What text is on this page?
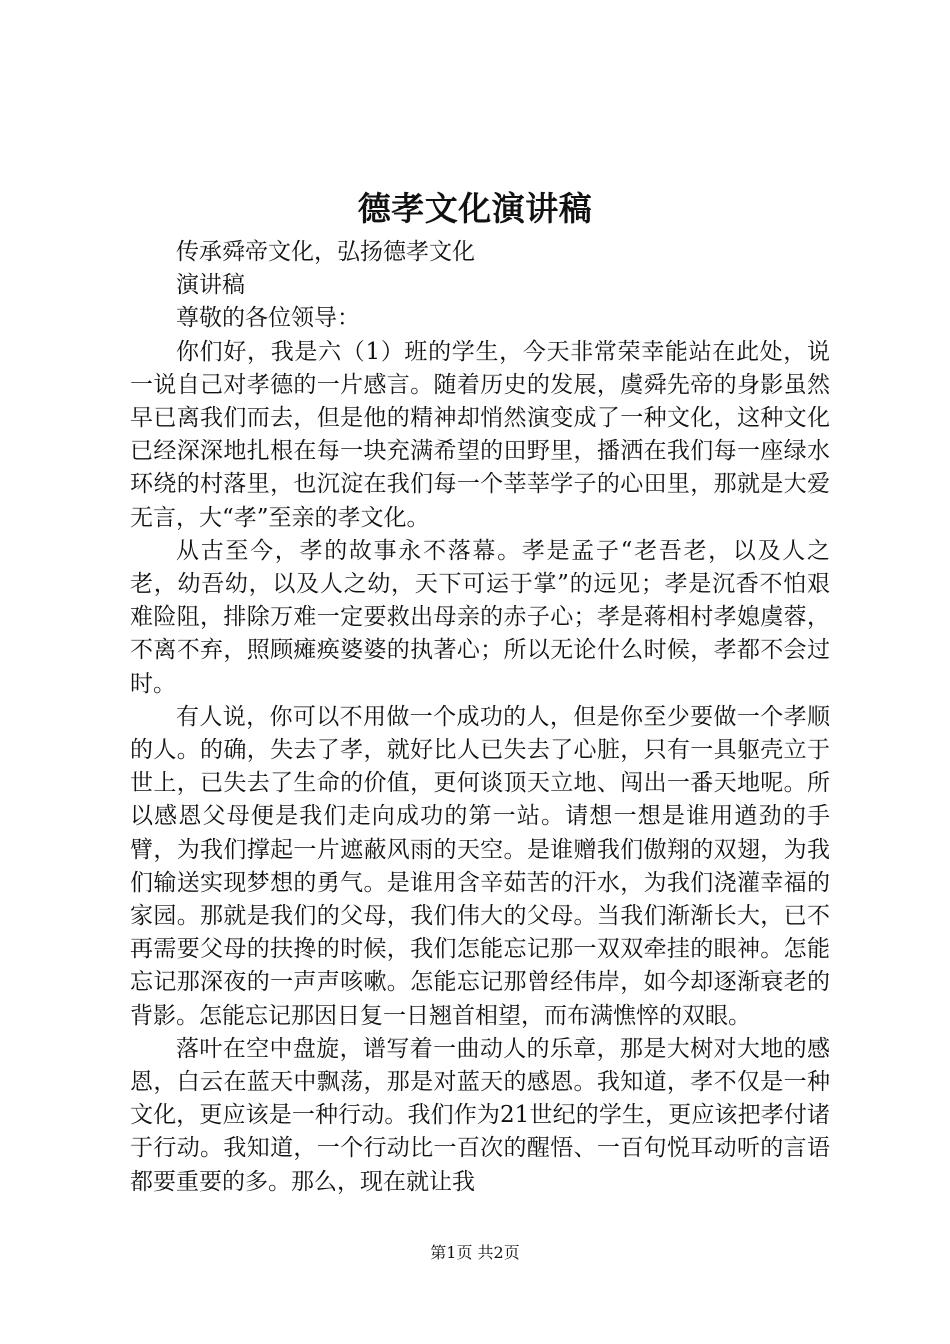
德孝文化演讲稿

传承舜帝文化，弘扬德孝文化

演讲稿

尊敬的各位领导：

你们好，我是六（1）班的学生，今天非常荣幸能站在此处，说一说自己对孝德的一片感言。随着历史的发展，虞舜先帝的身影虽然早已离我们而去，但是他的精神却悄然演变成了一种文化，这种文化已经深深地扎根在每一块充满希望的田野里，播洒在我们每一座绿水环绕的村落里，也沉淀在我们每一个莘莘学子的心田里，那就是大爱无言，大“孝”至亲的孝文化。

从古至今，孝的故事永不落幕。孝是孟子“老吾老，以及人之老，幼吾幼，以及人之幼，天下可运于掌”的远见；孝是沉香不怕艰难险阻，排除万难一定要救出母亲的赤子心；孝是蒋相村孝媳虞蓉，不离不弃，照顾瘫痪婆婆的执著心；所以无论什么时候，孝都不会过时。

有人说，你可以不用做一个成功的人，但是你至少要做一个孝顺的人。的确，失去了孝，就好比人已失去了心脏，只有一具躯壳立于世上，已失去了生命的价值，更何谈顶天立地、闯出一番天地呢。所以感恩父母便是我们走向成功的第一站。请想一想是谁用遒劲的手臂，为我们撑起一片遮蔽风雨的天空。是谁赠我们傲翔的双翅，为我们输送实现梦想的勇气。是谁用含辛茹苦的汗水，为我们浇灌幸福的家园。那就是我们的父母，我们伟大的父母。当我们渐渐长大，已不再需要父母的扶搀的时候，我们怎能忘记那一双双牵挂的眼神。怎能忘记那深夜的一声声咳嗽。怎能忘记那曾经伟岸，如今却逐渐衰老的背影。怎能忘记那因日复一日翘首相望，而布满憔悴的双眼。

落叶在空中盘旋，谱写着一曲动人的乐章，那是大树对大地的感恩，白云在蓝天中飘荡，那是对蓝天的感恩。我知道，孝不仅是一种文化，更应该是一种行动。我们作为21世纪的学生，更应该把孝付诸于行动。我知道，一个行动比一百次的醒悟、一百句悦耳动听的言语都要重要的多。那么，现在就让我

第1页 共2页
